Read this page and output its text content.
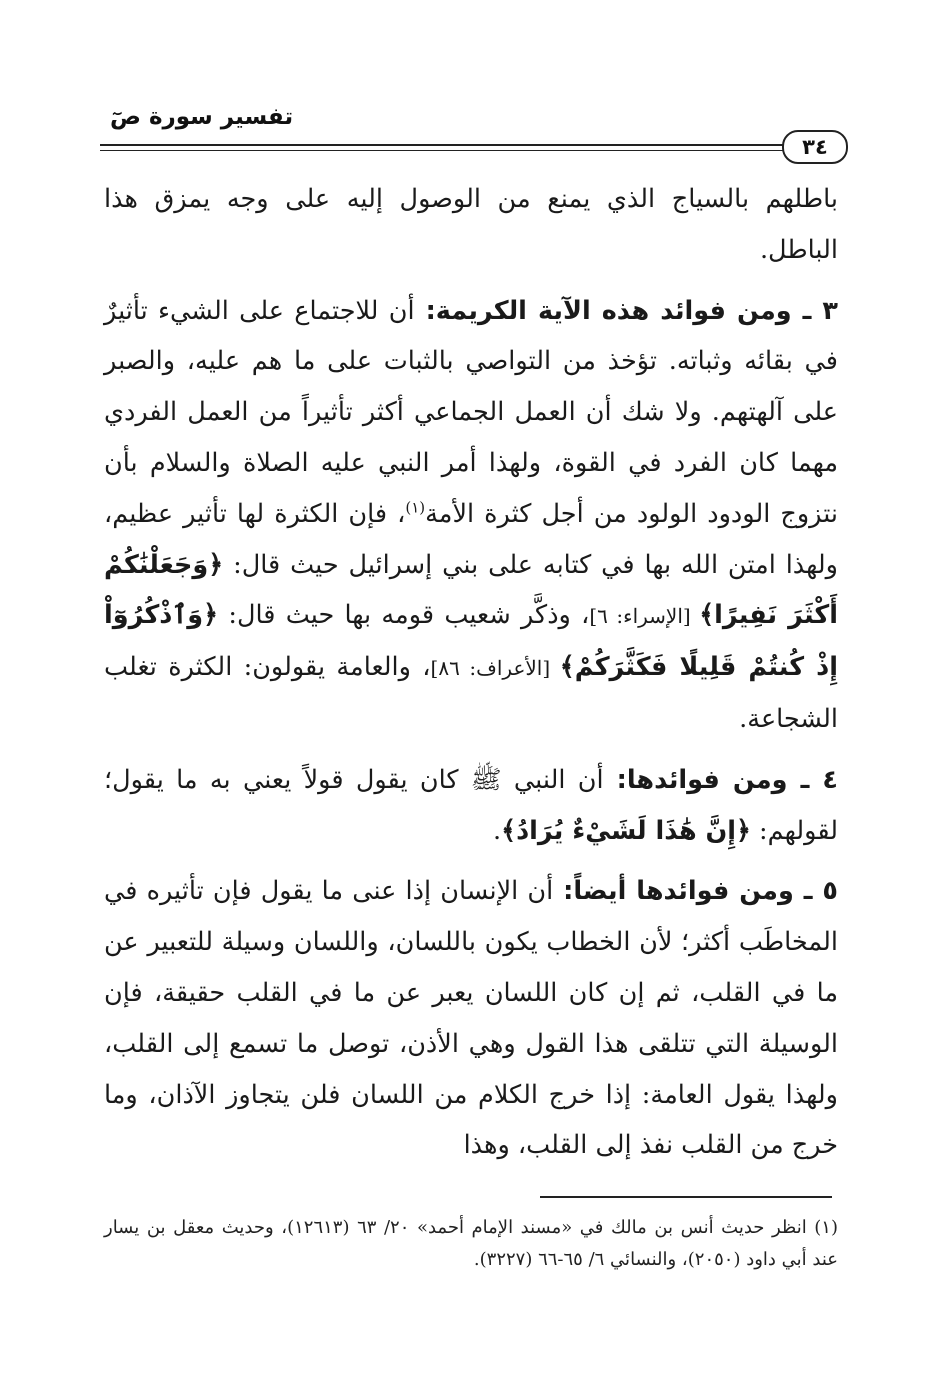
تفسير سورة صٓ
٣٤

باطلهم بالسياج الذي يمنع من الوصول إليه على وجه يمزق هذا الباطل.

٣ ـ ومن فوائد هذه الآية الكريمة: أن للاجتماع على الشيء تأثيرٌ في بقائه وثباته. تؤخذ من التواصي بالثبات على ما هم عليه، والصبر على آلهتهم. ولا شك أن العمل الجماعي أكثر تأثيراً من العمل الفردي مهما كان الفرد في القوة، ولهذا أمر النبي عليه الصلاة والسلام بأن نتزوج الودود الولود من أجل كثرة الأمة$^{(١)}$، فإن الكثرة لها تأثير عظيم، ولهذا امتن الله بها في كتابه على بني إسرائيل حيث قال: ﴿وَجَعَلْنَٰكُمْ أَكْثَرَ نَفِيرًا﴾ [الإسراء: ٦]، وذكَّر شعيب قومه بها حيث قال: ﴿وَٱذْكُرُوٓاْ إِذْ كُنتُمْ قَلِيلًا فَكَثَّرَكُمْ﴾ [الأعراف: ٨٦]، والعامة يقولون: الكثرة تغلب الشجاعة.

٤ ـ ومن فوائدها: أن النبي ﷺ كان يقول قولاً يعني به ما يقول؛ لقولهم: ﴿إِنَّ هَٰذَا لَشَيْءٌ يُرَادُ﴾.

٥ ـ ومن فوائدها أيضاً: أن الإنسان إذا عنى ما يقول فإن تأثيره في المخاطَب أكثر؛ لأن الخطاب يكون باللسان، واللسان وسيلة للتعبير عن ما في القلب، ثم إن كان اللسان يعبر عن ما في القلب حقيقة، فإن الوسيلة التي تتلقى هذا القول وهي الأذن، توصل ما تسمع إلى القلب، ولهذا يقول العامة: إذا خرج الكلام من اللسان فلن يتجاوز الآذان، وما خرج من القلب نفذ إلى القلب، وهذا

(١) انظر حديث أنس بن مالك في «مسند الإمام أحمد» ٢٠/ ٦٣ (١٢٦١٣)، وحديث معقل بن يسار عند أبي داود (٢٠٥٠)، والنسائي ٦/ ٦٥-٦٦ (٣٢٢٧).
